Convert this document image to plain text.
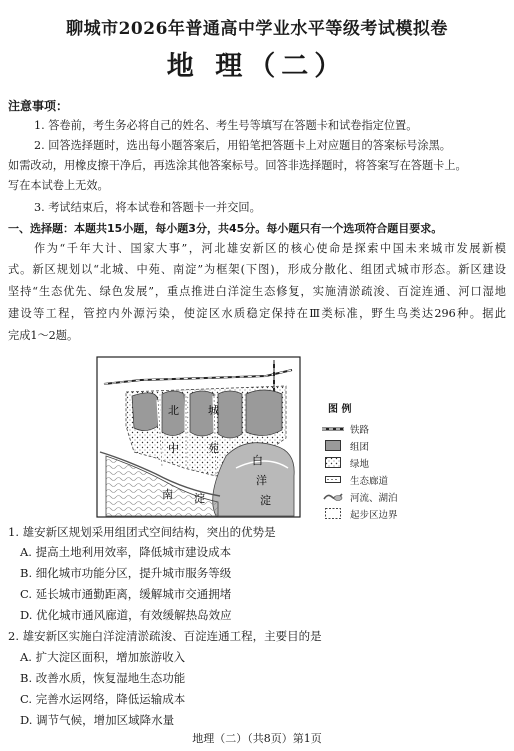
聊城市2026年普通高中学业水平等级考试模拟卷
地 理（二）
注意事项：
1. 答卷前，考生务必将自己的姓名、考生号等填写在答题卡和试卷指定位置。
2. 回答选择题时，选出每小题答案后，用铅笔把答题卡上对应题目的答案标号涂黑。
如需改动，用橡皮擦干净后，再选涂其他答案标号。回答非选择题时，将答案写在答题卡上。
写在本试卷上无效。
3. 考试结束后，将本试卷和答题卡一并交回。
一、选择题：本题共15小题，每小题3分，共45分。每小题只有一个选项符合题目要求。
作为“千年大计、国家大事”，河北雄安新区的核心使命是探索中国未来城市发展新模
式。新区规划以“北城、中苑、南淀”为框架(下图)，形成分散化、组团式城市形态。新区建设
坚持“生态优先、绿色发展”，重点推进白洋淀生态修复，实施清淤疏浚、百淀连通、河口湿地
建设等工程，管控内外源污染，使淀区水质稳定保持在Ⅲ类标准，野生鸟类达296种。据此
完成1～2题。
北	城
中	苑
白
洋
淀
南 淀
图 例
铁路
组团
绿地
生态廊道
河流、湖泊
起步区边界
1. 雄安新区规划采用组团式空间结构，突出的优势是
A. 提高土地利用效率，降低城市建设成本
B. 细化城市功能分区，提升城市服务等级
C. 延长城市通勤距离，缓解城市交通拥堵
D. 优化城市通风廊道，有效缓解热岛效应
2. 雄安新区实施白洋淀清淤疏浚、百淀连通工程，主要目的是
A. 扩大淀区面积，增加旅游收入
B. 改善水质，恢复湿地生态功能
C. 完善水运网络，降低运输成本
D. 调节气候，增加区域降水量
地理（二）（共8页）第1页
